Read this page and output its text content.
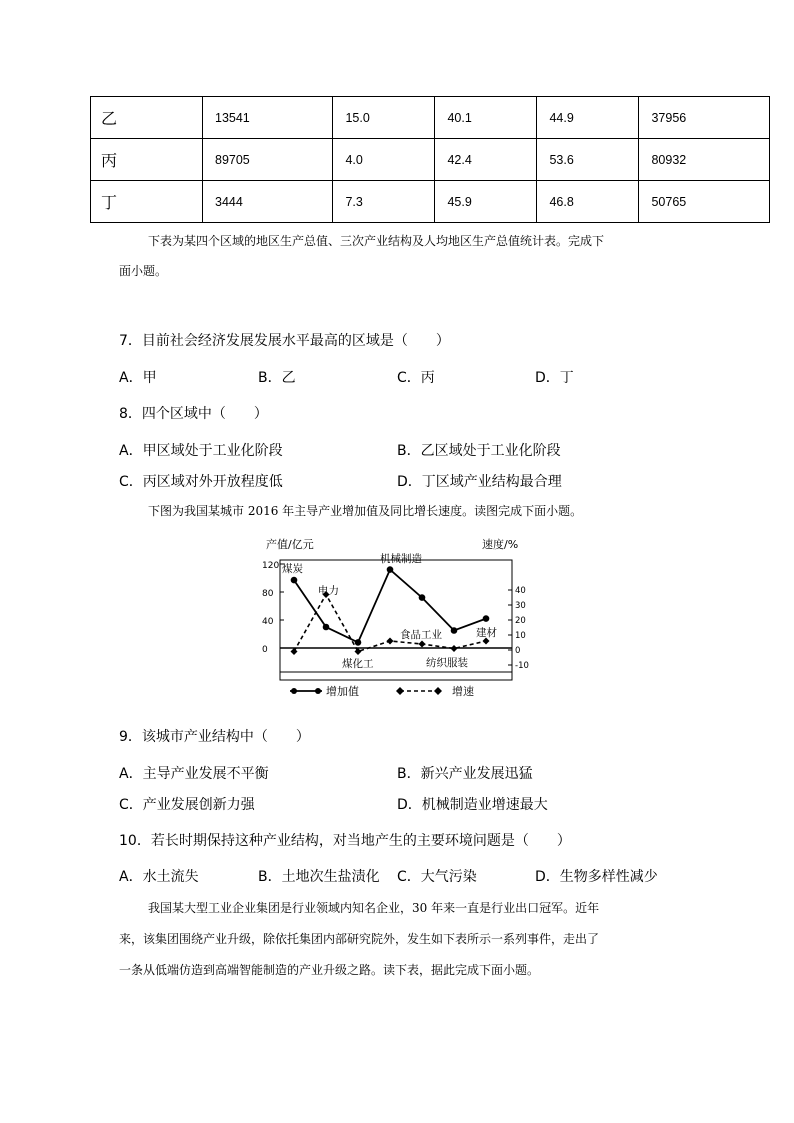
乙	13541	15.0	40.1	44.9	37956
丙	89705	4.0	42.4	53.6	80932
丁	3444	7.3	45.9	46.8	50765
下表为某四个区域的地区生产总值、三次产业结构及人均地区生产总值统计表。完成下
面小题。
7．目前社会经济发展发展水平最高的区域是（　　）
A．甲	B．乙	C．丙	D．丁
8．四个区域中（　　）
A．甲区域处于工业化阶段	B．乙区域处于工业化阶段
C．丙区域对外开放程度低	D．丁区域产业结构最合理
下图为我国某城市 2016 年主导产业增加值及同比增长速度。读图完成下面小题。
产值/亿元	速度/%
120
80
40
0
40
30
20
10
0
-10
煤炭
电力
煤化工
机械制造
食品工业
纺织服装
建材
增加值	增速
9．该城市产业结构中（　　）
A．主导产业发展不平衡	B．新兴产业发展迅猛
C．产业发展创新力强	D．机械制造业增速最大
10．若长时期保持这种产业结构，对当地产生的主要环境问题是（　　）
A．水土流失	B．土地次生盐渍化 C．大气污染	D．生物多样性减少
我国某大型工业企业集团是行业领域内知名企业，30 年来一直是行业出口冠军。近年
来，该集团围绕产业升级，除依托集团内部研究院外，发生如下表所示一系列事件，走出了
一条从低端仿造到高端智能制造的产业升级之路。读下表，据此完成下面小题。
